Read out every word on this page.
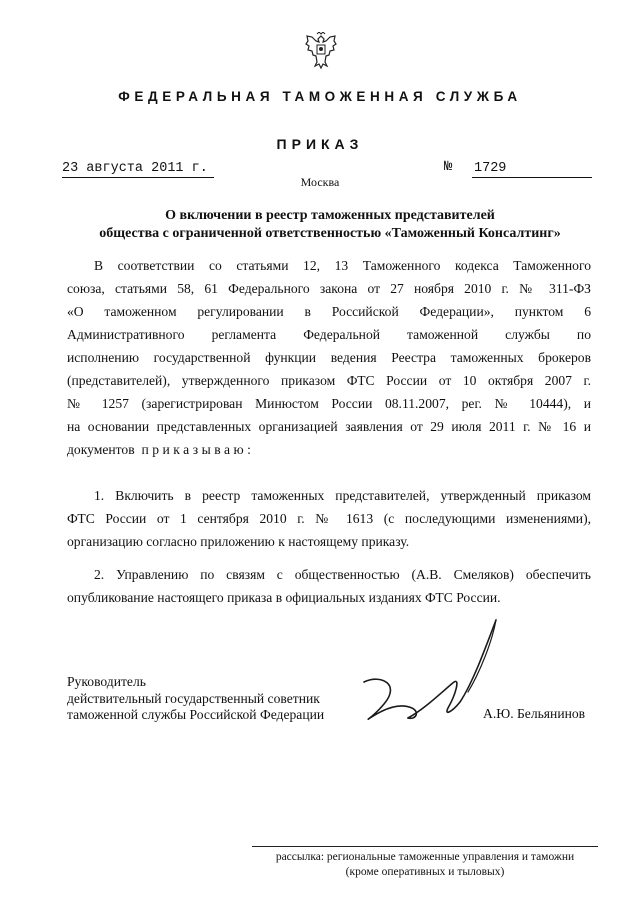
ФЕДЕРАЛЬНАЯ ТАМОЖЕННАЯ СЛУЖБА
ПРИКАЗ
23 августа 2011 г.	№ 1729
Москва
О включении в реестр таможенных представителей
общества с ограниченной ответственностью «Таможенный Консалтинг»
В соответствии со статьями 12, 13 Таможенного кодекса Таможенного
союза, статьями 58, 61 Федерального закона от 27 ноября 2010 г. № 311-ФЗ
«О таможенном регулировании в Российской Федерации», пунктом 6
Административного регламента Федеральной таможенной службы по
исполнению государственной функции ведения Реестра таможенных брокеров
(представителей), утвержденного приказом ФТС России от 10 октября 2007 г.
№ 1257 (зарегистрирован Минюстом России 08.11.2007, рег. № 10444), и
на основании представленных организацией заявления от 29 июля 2011 г. № 16 и
документов приказываю:
1. Включить в реестр таможенных представителей, утвержденный приказом
ФТС России от 1 сентября 2010 г. № 1613 (с последующими изменениями),
организацию согласно приложению к настоящему приказу.
2. Управлению по связям с общественностью (А.В. Смеляков) обеспечить
опубликование настоящего приказа в официальных изданиях ФТС России.
Руководитель
действительный государственный советник
таможенной службы Российской Федерации	А.Ю. Бельянинов
рассылка: региональные таможенные управления и таможни
(кроме оперативных и тыловых)
